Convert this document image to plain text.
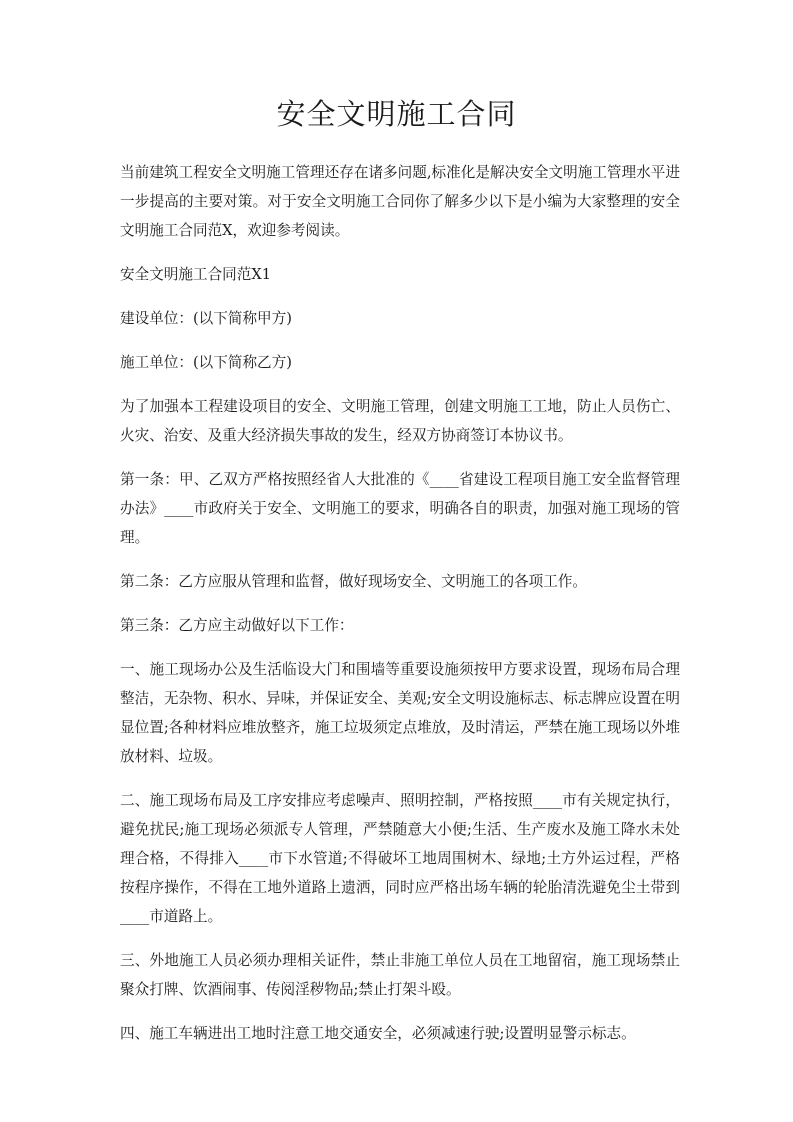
安全文明施工合同

当前建筑工程安全文明施工管理还存在诸多问题,标准化是解决安全文明施工管理水平进一步提高的主要对策。对于安全文明施工合同你了解多少以下是小编为大家整理的安全文明施工合同范X，欢迎参考阅读。

安全文明施工合同范X1

建设单位：(以下简称甲方)

施工单位：(以下简称乙方)

为了加强本工程建设项目的安全、文明施工管理，创建文明施工工地，防止人员伤亡、火灾、治安、及重大经济损失事故的发生，经双方协商签订本协议书。

第一条：甲、乙双方严格按照经省人大批准的《____省建设工程项目施工安全监督管理办法》____市政府关于安全、文明施工的要求，明确各自的职责，加强对施工现场的管理。

第二条：乙方应服从管理和监督，做好现场安全、文明施工的各项工作。

第三条：乙方应主动做好以下工作：

一、施工现场办公及生活临设大门和围墙等重要设施须按甲方要求设置，现场布局合理整洁，无杂物、积水、异味，并保证安全、美观;安全文明设施标志、标志牌应设置在明显位置;各种材料应堆放整齐，施工垃圾须定点堆放，及时清运，严禁在施工现场以外堆放材料、垃圾。

二、施工现场布局及工序安排应考虑噪声、照明控制，严格按照____市有关规定执行，避免扰民;施工现场必须派专人管理，严禁随意大小便;生活、生产废水及施工降水未处理合格，不得排入____市下水管道;不得破坏工地周围树木、绿地;土方外运过程，严格按程序操作，不得在工地外道路上遗洒，同时应严格出场车辆的轮胎清洗避免尘土带到____市道路上。

三、外地施工人员必须办理相关证件，禁止非施工单位人员在工地留宿，施工现场禁止聚众打牌、饮酒闹事、传阅淫秽物品;禁止打架斗殴。

四、施工车辆进出工地时注意工地交通安全，必须减速行驶;设置明显警示标志。
